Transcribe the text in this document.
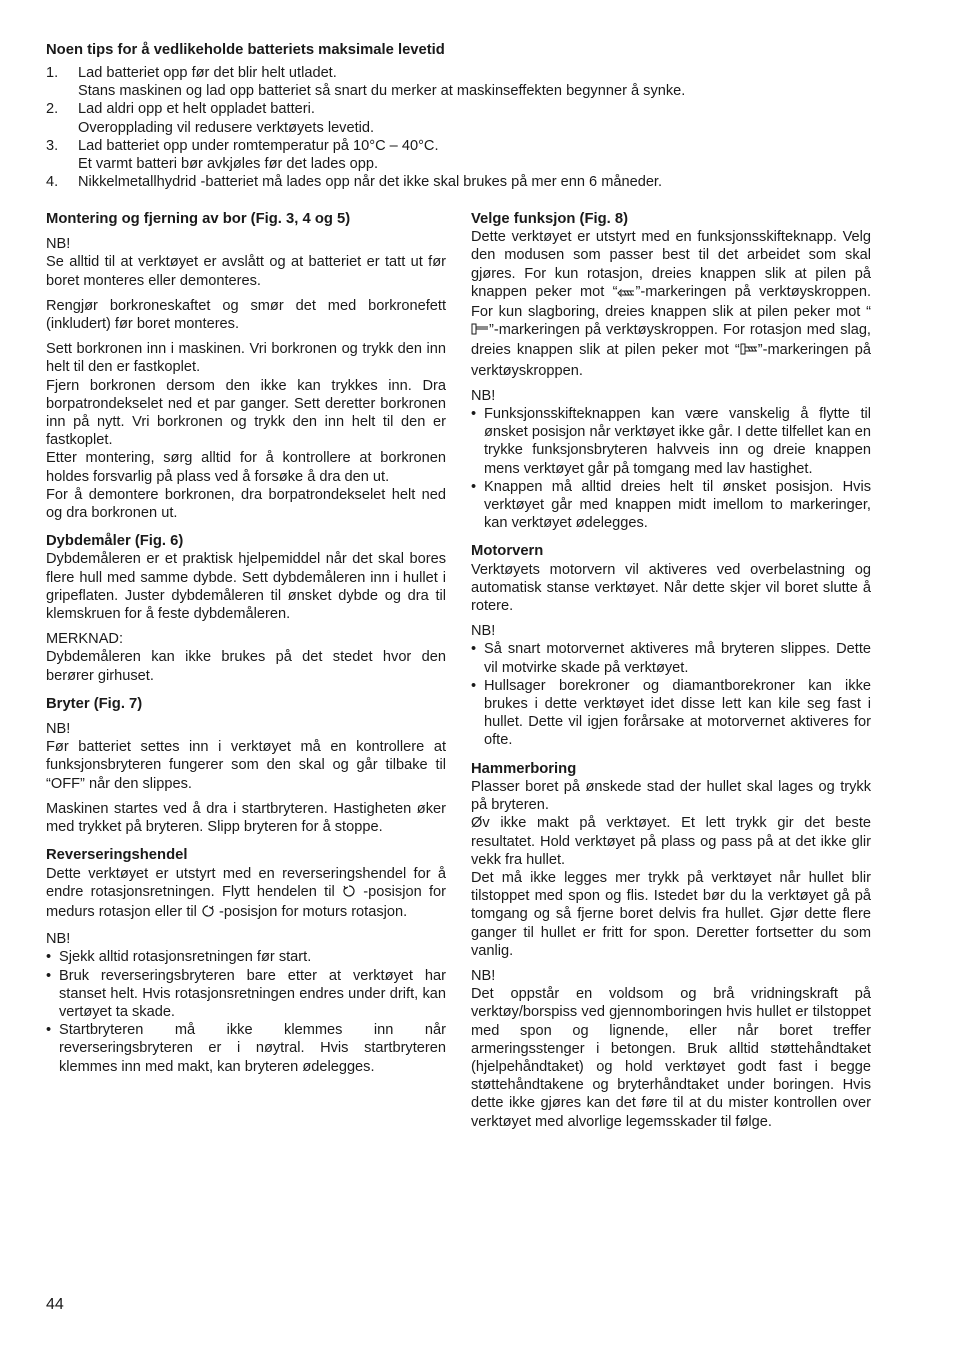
Noen tips for å vedlikeholde batteriets maksimale levetid
1.	Lad batteriet opp før det blir helt utladet.
Stans maskinen og lad opp batteriet så snart du merker at maskinseffekten begynner å synke.
2.	Lad aldri opp et helt oppladet batteri.
Overopplading vil redusere verktøyets levetid.
3.	Lad batteriet opp under romtemperatur på 10°C – 40°C.
Et varmt batteri bør avkjøles før det lades opp.
4.	Nikkelmetallhydrid -batteriet må lades opp når det ikke skal brukes på mer enn 6 måneder.
Montering og fjerning av bor (Fig. 3, 4 og 5)

NB!

Se alltid til at verktøyet er avslått og at batteriet er tatt ut før boret monteres eller demonteres.

Rengjør borkroneskaftet og smør det med borkronefett (inkludert) før boret monteres.

Sett borkronen inn i maskinen. Vri borkronen og trykk den inn helt til den er fastkoplet.

Fjern borkronen dersom den ikke kan trykkes inn. Dra borpatrondekselet ned et par ganger. Sett deretter borkronen inn på nytt. Vri borkronen og trykk den inn helt til den er fastkoplet.

Etter montering, sørg alltid for å kontrollere at borkronen holdes forsvarlig på plass ved å forsøke å dra den ut.

For å demontere borkronen, dra borpatrondekselet helt ned og dra borkronen ut.

Dybdemåler (Fig. 6)

Dybdemåleren er et praktisk hjelpemiddel når det skal bores flere hull med samme dybde. Sett dybdemåleren inn i hullet i gripeflaten. Juster dybdemåleren til ønsket dybde og dra til klemskruen for å feste dybdemåleren.

MERKNAD:

Dybdemåleren kan ikke brukes på det stedet hvor den berører girhuset.

Bryter (Fig. 7)

NB!

Før batteriet settes inn i verktøyet må en kontrollere at funksjonsbryteren fungerer som den skal og går tilbake til “OFF” når den slippes.

Maskinen startes ved å dra i startbryteren. Hastigheten øker med trykket på bryteren. Slipp bryteren for å stoppe.

Reverseringshendel

Dette verktøyet er utstyrt med en reverseringshendel for å endre rotasjonsretningen. Flytt hendelen til -posisjon for medurs rotasjon eller til -posisjon for moturs rotasjon.

NB!

• Sjekk alltid rotasjonsretningen før start.
• Bruk reverseringsbryteren bare etter at verktøyet har stanset helt. Hvis rotasjonsretningen endres under drift, kan vertøyet ta skade.
• Startbryteren må ikke klemmes inn når reverseringsbryteren er i nøytral. Hvis startbryteren klemmes inn med makt, kan bryteren ødelegges.
Velge funksjon (Fig. 8)

Dette verktøyet er utstyrt med en funksjonsskifteknapp. Velg den modusen som passer best til det arbeidet som skal gjøres. For kun rotasjon, dreies knappen slik at pilen på knappen peker mot “ ”-markeringen på verktøyskroppen. For kun slagboring, dreies knappen slik at pilen peker mot “”-markeringen på verktøyskroppen. For rotasjon med slag, dreies knappen slik at pilen peker mot “ ”-markeringen på verktøyskroppen.

NB!

• Funksjonsskifteknappen kan være vanskelig å flytte til ønsket posisjon når verktøyet ikke går. I dette tilfellet kan en trykke funksjonsbryteren halvveis inn og dreie knappen mens verktøyet går på tomgang med lav hastighet.
• Knappen må alltid dreies helt til ønsket posisjon. Hvis verktøyet går med knappen midt imellom to markeringer, kan verktøyet ødelegges.
Motorvern

Verktøyets motorvern vil aktiveres ved overbelastning og automatisk stanse verktøyet. Når dette skjer vil boret slutte å rotere.

NB!

• Så snart motorvernet aktiveres må bryteren slippes. Dette vil motvirke skade på verktøyet.
• Hullsager borekroner og diamantborekroner kan ikke brukes i dette verktøyet idet disse lett kan kile seg fast i hullet. Dette vil igjen forårsake at motorvernet aktiveres for ofte.
Hammerboring

Plasser boret på ønskede stad der hullet skal lages og trykk på bryteren.

Øv ikke makt på verktøyet. Et lett trykk gir det beste resultatet. Hold verktøyet på plass og pass på at det ikke glir vekk fra hullet.

Det må ikke legges mer trykk på verktøyet når hullet blir tilstoppet med spon og flis. Istedet bør du la verktøyet gå på tomgang og så fjerne boret delvis fra hullet. Gjør dette flere ganger til hullet er fritt for spon. Deretter fortsetter du som vanlig.

NB!

Det oppstår en voldsom og brå vridningskraft på verktøy/borspiss ved gjennomboringen hvis hullet er tilstoppet med spon og lignende, eller når boret treffer armeringsstenger i betongen. Bruk alltid støttehåndtaket (hjelpehåndtaket) og hold verktøyet godt fast i begge støttehåndtakene og bryterhåndtaket under boringen. Hvis dette ikke gjøres kan det føre til at du mister kontrollen over verktøyet med alvorlige legemsskader til følge.

44
